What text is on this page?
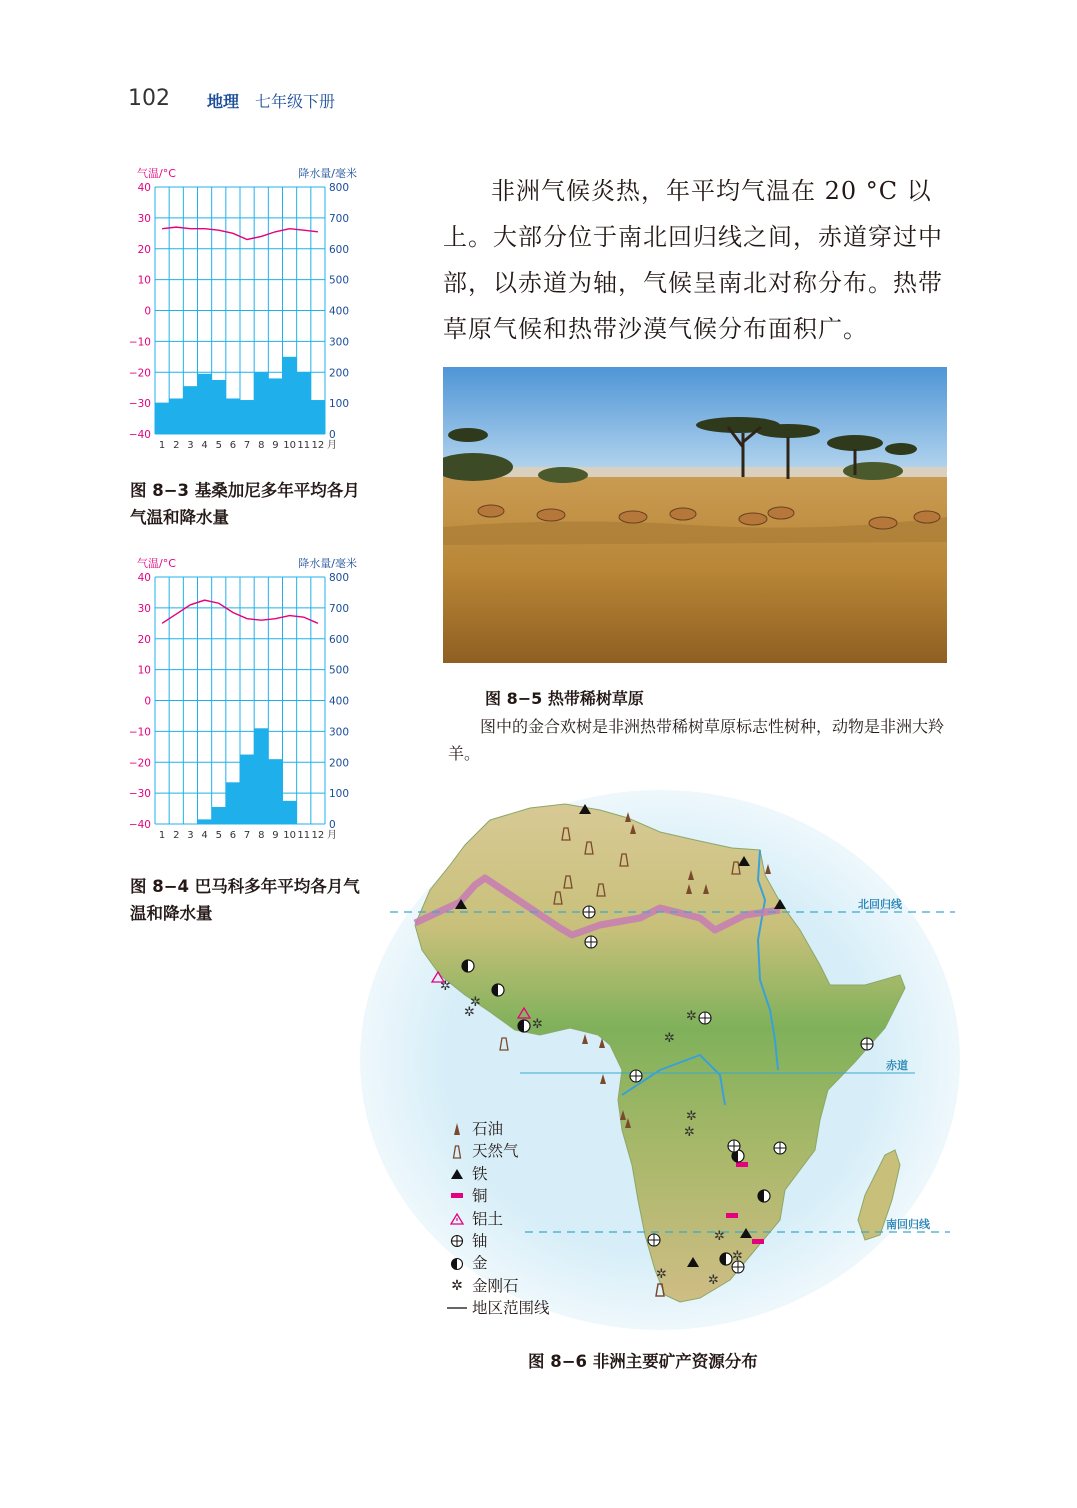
102 地理 七年级下册
气温/°C	降水量/毫米
40	800
30	700
20	600
10	500
0	400
−10	300
−20	200
−30	100
−40	0
1 2 3 4 5 6 7 8 9 10 11 12 月
图 8−3 基桑加尼多年平均各月气温和降水量
气温/°C	降水量/毫米
40	800
30	700
20	600
10	500
0	400
−10	300
−20	200
−30	100
−40	0
1 2 3 4 5 6 7 8 9 10 11 12 月
图 8−4 巴马科多年平均各月气温和降水量

非洲气候炎热，年平均气温在 20 °C 以上。大部分位于南北回归线之间，赤道穿过中部，以赤道为轴，气候呈南北对称分布。热带草原气候和热带沙漠气候分布面积广。

图 8−5 热带稀树草原

图中的金合欢树是非洲热带稀树草原标志性树种，动物是非洲大羚羊。

北回归线
赤道
南回归线
✲
✲
✲
✲
✲
✲
✲
✲
✲
✲
✲
✲
石油
天然气
铁
铜
铝土
铀
金
✲ 金刚石
地区范围线
图 8−6 非洲主要矿产资源分布
